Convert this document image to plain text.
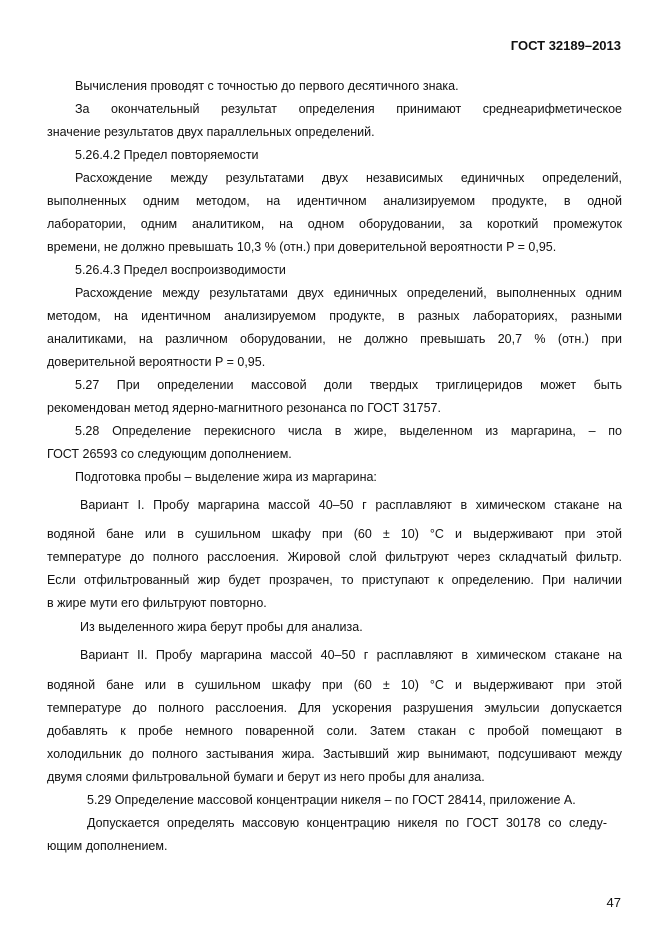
ГОСТ 32189–2013
Вычисления проводят с точностью до первого десятичного знака.
За окончательный результат определения принимают среднеарифметическое
значение результатов двух параллельных определений.
5.26.4.2 Предел повторяемости
Расхождение между результатами двух независимых единичных определений,
выполненных одним методом, на идентичном анализируемом продукте, в одной
лаборатории, одним аналитиком, на одном оборудовании, за короткий промежуток
времени, не должно превышать 10,3 % (отн.) при доверительной вероятности P = 0,95.
5.26.4.3 Предел воспроизводимости
Расхождение между результатами двух единичных определений, выполненных одним
методом, на идентичном анализируемом продукте, в разных лабораториях, разными
аналитиками, на различном оборудовании, не должно превышать 20,7 % (отн.) при
доверительной вероятности P = 0,95.
5.27 При определении массовой доли твердых триглицеридов может быть
рекомендован метод ядерно-магнитного резонанса по ГОСТ 31757.
5.28 Определение перекисного числа в жире, выделенном из маргарина, – по
ГОСТ 26593 со следующим дополнением.
Подготовка пробы – выделение жира из маргарина:
Вариант I. Пробу маргарина массой 40–50 г расплавляют в химическом стакане на
водяной бане или в сушильном шкафу при (60 ± 10) °С и выдерживают при этой
температуре до полного расслоения. Жировой слой фильтруют через складчатый фильтр.
Если отфильтрованный жир будет прозрачен, то приступают к определению. При наличии
в жире мути его фильтруют повторно.
Из выделенного жира берут пробы для анализа.
Вариант II. Пробу маргарина массой 40–50 г расплавляют в химическом стакане на
водяной бане или в сушильном шкафу при (60 ± 10) °С и выдерживают при этой
температуре до полного расслоения. Для ускорения разрушения эмульсии допускается
добавлять к пробе немного поваренной соли. Затем стакан с пробой помещают в
холодильник до полного застывания жира. Застывший жир вынимают, подсушивают между
двумя слоями фильтровальной бумаги и берут из него пробы для анализа.
5.29 Определение массовой концентрации никеля – по ГОСТ 28414, приложение А.
Допускается определять массовую концентрацию никеля по ГОСТ 30178 со следу-
ющим дополнением.
47
